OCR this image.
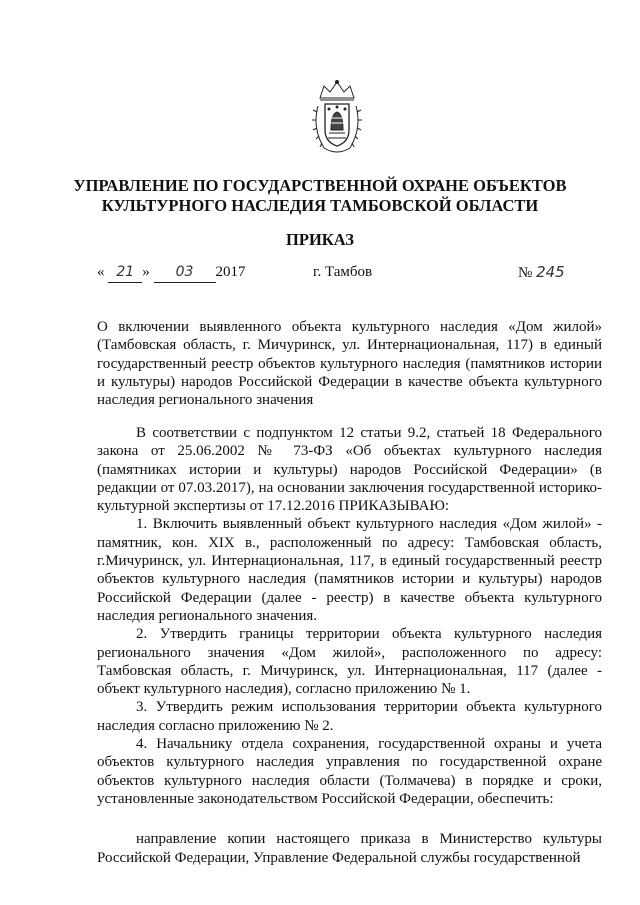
УПРАВЛЕНИЕ ПО ГОСУДАРСТВЕННОЙ ОХРАНЕ ОБЪЕКТОВ КУЛЬТУРНОГО НАСЛЕДИЯ ТАМБОВСКОЙ ОБЛАСТИ
ПРИКАЗ
« 21 » 03 2017	г. Тамбов	№ 245

О включении выявленного объекта культурного наследия «Дом жилой» (Тамбовская область, г. Мичуринск, ул. Интернациональная, 117) в единый государственный реестр объектов культурного наследия (памятников истории и культуры) народов Российской Федерации в качестве объекта культурного наследия регионального значения

В соответствии с подпунктом 12 статьи 9.2, статьей 18 Федерального закона от 25.06.2002 № 73-ФЗ «Об объектах культурного наследия (памятниках истории и культуры) народов Российской Федерации» (в редакции от 07.03.2017), на основании заключения государственной историко-культурной экспертизы от 17.12.2016 ПРИКАЗЫВАЮ:

1. Включить выявленный объект культурного наследия «Дом жилой» - памятник, кон. XIX в., расположенный по адресу: Тамбовская область, г.Мичуринск, ул. Интернациональная, 117, в единый государственный реестр объектов культурного наследия (памятников истории и культуры) народов Российской Федерации (далее - реестр) в качестве объекта культурного наследия регионального значения.

2. Утвердить границы территории объекта культурного наследия регионального значения «Дом жилой», расположенного по адресу: Тамбовская область, г. Мичуринск, ул. Интернациональная, 117 (далее - объект культурного наследия), согласно приложению № 1.

3. Утвердить режим использования территории объекта культурного наследия согласно приложению № 2.

4. Начальнику отдела сохранения, государственной охраны и учета объектов культурного наследия управления по государственной охране объектов культурного наследия области (Толмачева) в порядке и сроки, установленные законодательством Российской Федерации, обеспечить:

направление копии настоящего приказа в Министерство культуры Российской Федерации, Управление Федеральной службы государственной
